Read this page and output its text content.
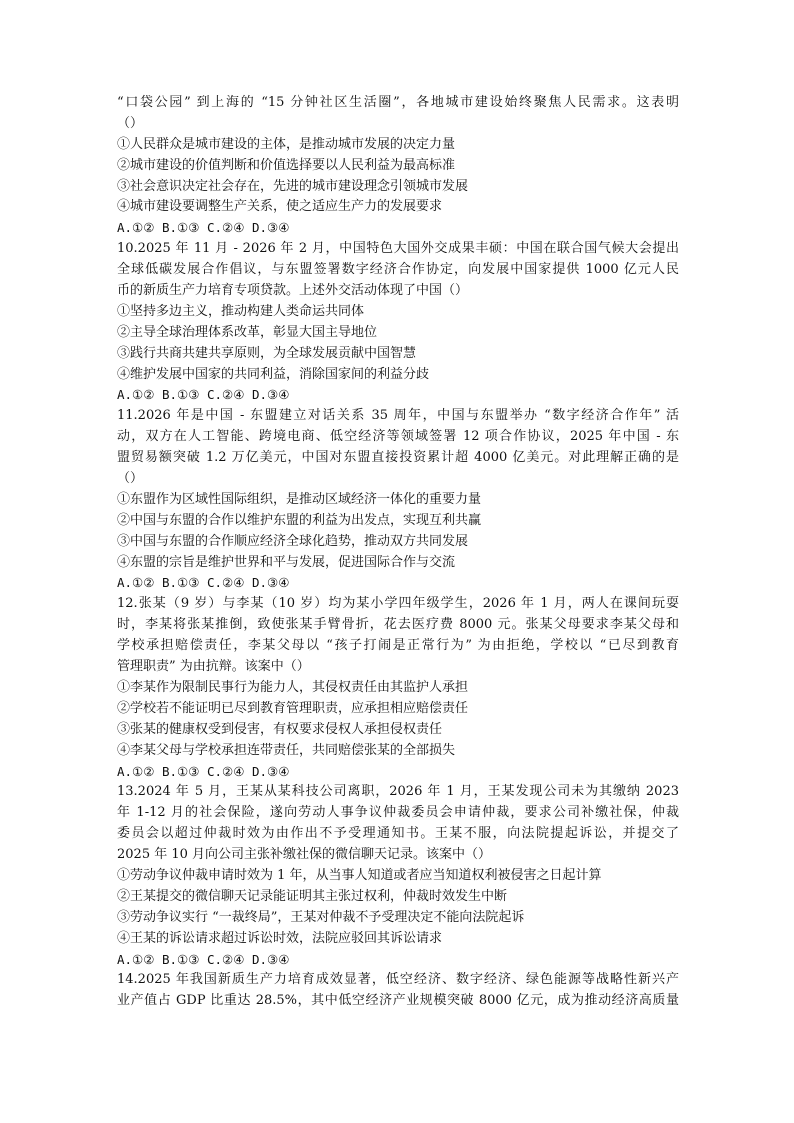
“口袋公园” 到上海的 “15 分钟社区生活圈”，各地城市建设始终聚焦人民需求。这表明
（）
①人民群众是城市建设的主体，是推动城市发展的决定力量
②城市建设的价值判断和价值选择要以人民利益为最高标准
③社会意识决定社会存在，先进的城市建设理念引领城市发展
④城市建设要调整生产关系，使之适应生产力的发展要求
A.①② B.①③ C.②④ D.③④
10.2025 年 11 月 - 2026 年 2 月，中国特色大国外交成果丰硕：中国在联合国气候大会提出
全球低碳发展合作倡议，与东盟签署数字经济合作协定，向发展中国家提供 1000 亿元人民
币的新质生产力培育专项贷款。上述外交活动体现了中国（）
①坚持多边主义，推动构建人类命运共同体
②主导全球治理体系改革，彰显大国主导地位
③践行共商共建共享原则，为全球发展贡献中国智慧
④维护发展中国家的共同利益，消除国家间的利益分歧
A.①② B.①③ C.②④ D.③④
11.2026 年是中国 - 东盟建立对话关系 35 周年，中国与东盟举办 “数字经济合作年” 活
动，双方在人工智能、跨境电商、低空经济等领域签署 12 项合作协议，2025 年中国 - 东
盟贸易额突破 1.2 万亿美元，中国对东盟直接投资累计超 4000 亿美元。对此理解正确的是
（）
①东盟作为区域性国际组织，是推动区域经济一体化的重要力量
②中国与东盟的合作以维护东盟的利益为出发点，实现互利共赢
③中国与东盟的合作顺应经济全球化趋势，推动双方共同发展
④东盟的宗旨是维护世界和平与发展，促进国际合作与交流
A.①② B.①③ C.②④ D.③④
12.张某（9 岁）与李某（10 岁）均为某小学四年级学生，2026 年 1 月，两人在课间玩耍
时，李某将张某推倒，致使张某手臂骨折，花去医疗费 8000 元。张某父母要求李某父母和
学校承担赔偿责任，李某父母以 “孩子打闹是正常行为” 为由拒绝，学校以 “已尽到教育
管理职责” 为由抗辩。该案中（）
①李某作为限制民事行为能力人，其侵权责任由其监护人承担
②学校若不能证明已尽到教育管理职责，应承担相应赔偿责任
③张某的健康权受到侵害，有权要求侵权人承担侵权责任
④李某父母与学校承担连带责任，共同赔偿张某的全部损失
A.①② B.①③ C.②④ D.③④
13.2024 年 5 月，王某从某科技公司离职，2026 年 1 月，王某发现公司未为其缴纳 2023
年 1-12 月的社会保险，遂向劳动人事争议仲裁委员会申请仲裁，要求公司补缴社保，仲裁
委员会以超过仲裁时效为由作出不予受理通知书。王某不服，向法院提起诉讼，并提交了
2025 年 10 月向公司主张补缴社保的微信聊天记录。该案中（）
①劳动争议仲裁申请时效为 1 年，从当事人知道或者应当知道权利被侵害之日起计算
②王某提交的微信聊天记录能证明其主张过权利，仲裁时效发生中断
③劳动争议实行 “一裁终局”，王某对仲裁不予受理决定不能向法院起诉
④王某的诉讼请求超过诉讼时效，法院应驳回其诉讼请求
A.①② B.①③ C.②④ D.③④
14.2025 年我国新质生产力培育成效显著，低空经济、数字经济、绿色能源等战略性新兴产
业产值占 GDP 比重达 28.5%，其中低空经济产业规模突破 8000 亿元，成为推动经济高质量
